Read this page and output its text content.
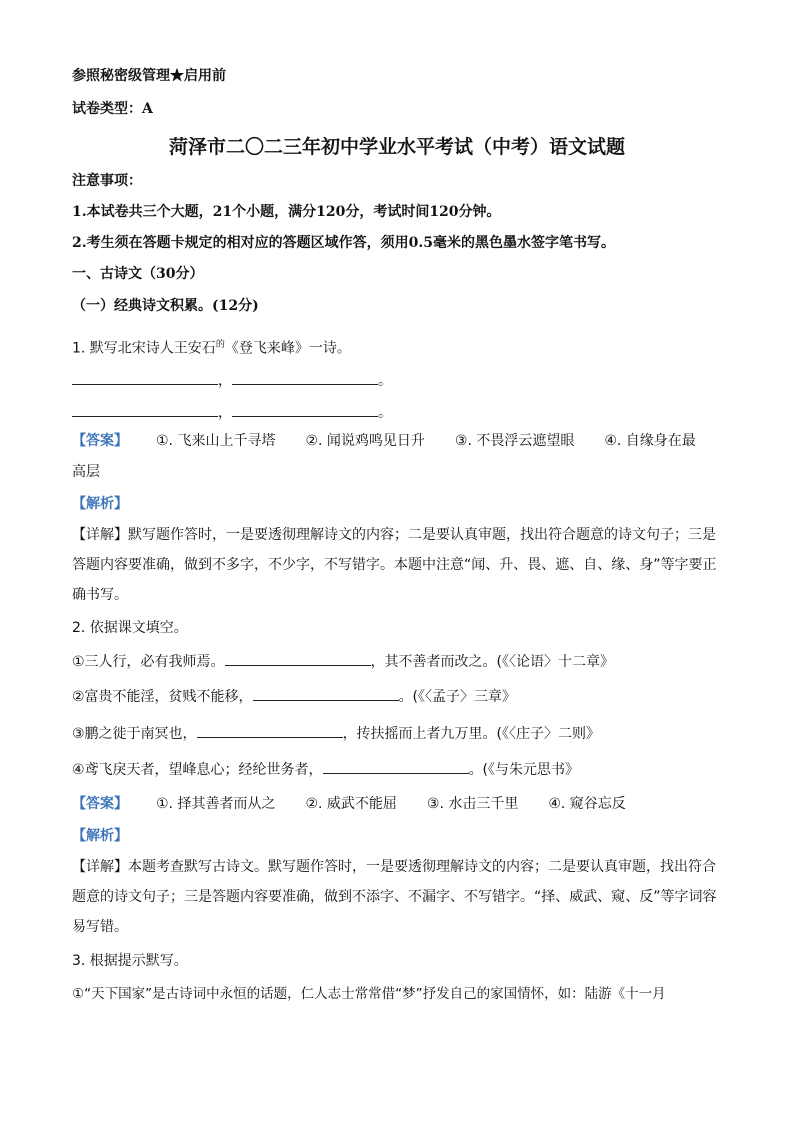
参照秘密级管理★启用前
试卷类型：A
菏泽市二〇二三年初中学业水平考试（中考）语文试题
注意事项：
1.本试卷共三个大题，21个小题，满分120分，考试时间120分钟。
2.考生须在答题卡规定的相对应的答题区域作答，须用0.5毫米的黑色墨水签字笔书写。
一、古诗文（30分）
（一）经典诗文积累。(12分)
1. 默写北宋诗人王安石$^的$《登飞来峰》一诗。
，	。
，	。
【答案】 ①. 飞来山上千寻塔 ②. 闻说鸡鸣见日升 ③. 不畏浮云遮望眼 ④. 自缘身在最
高层
【解析】
【详解】默写题作答时，一是要透彻理解诗文的内容；二是要认真审题，找出符合题意的诗文句子；三是答题内容要准确，做到不多字，不少字，不写错字。本题中注意“闻、升、畏、遮、自、缘、身”等字要正确书写。
2. 依据课文填空。
①三人行，必有我师焉。	，其不善者而改之。(《〈论语〉十二章》
②富贵不能淫，贫贱不能移，	。(《〈孟子〉三章》
③鹏之徙于南冥也，	，抟扶摇而上者九万里。(《〈庄子〉二则》
④鸢飞戾天者，望峰息心；经纶世务者，	。(《与朱元思书》
【答案】 ①. 择其善者而从之 ②. 威武不能屈 ③. 水击三千里 ④. 窥谷忘反
【解析】
【详解】本题考查默写古诗文。默写题作答时，一是要透彻理解诗文的内容；二是要认真审题，找出符合题意的诗文句子；三是答题内容要准确，做到不添字、不漏字、不写错字。“择、威武、窥、反”等字词容易写错。
3. 根据提示默写。
①“天下国家”是古诗词中永恒的话题，仁人志士常常借“梦”抒发自己的家国情怀，如：陆游《十一月
